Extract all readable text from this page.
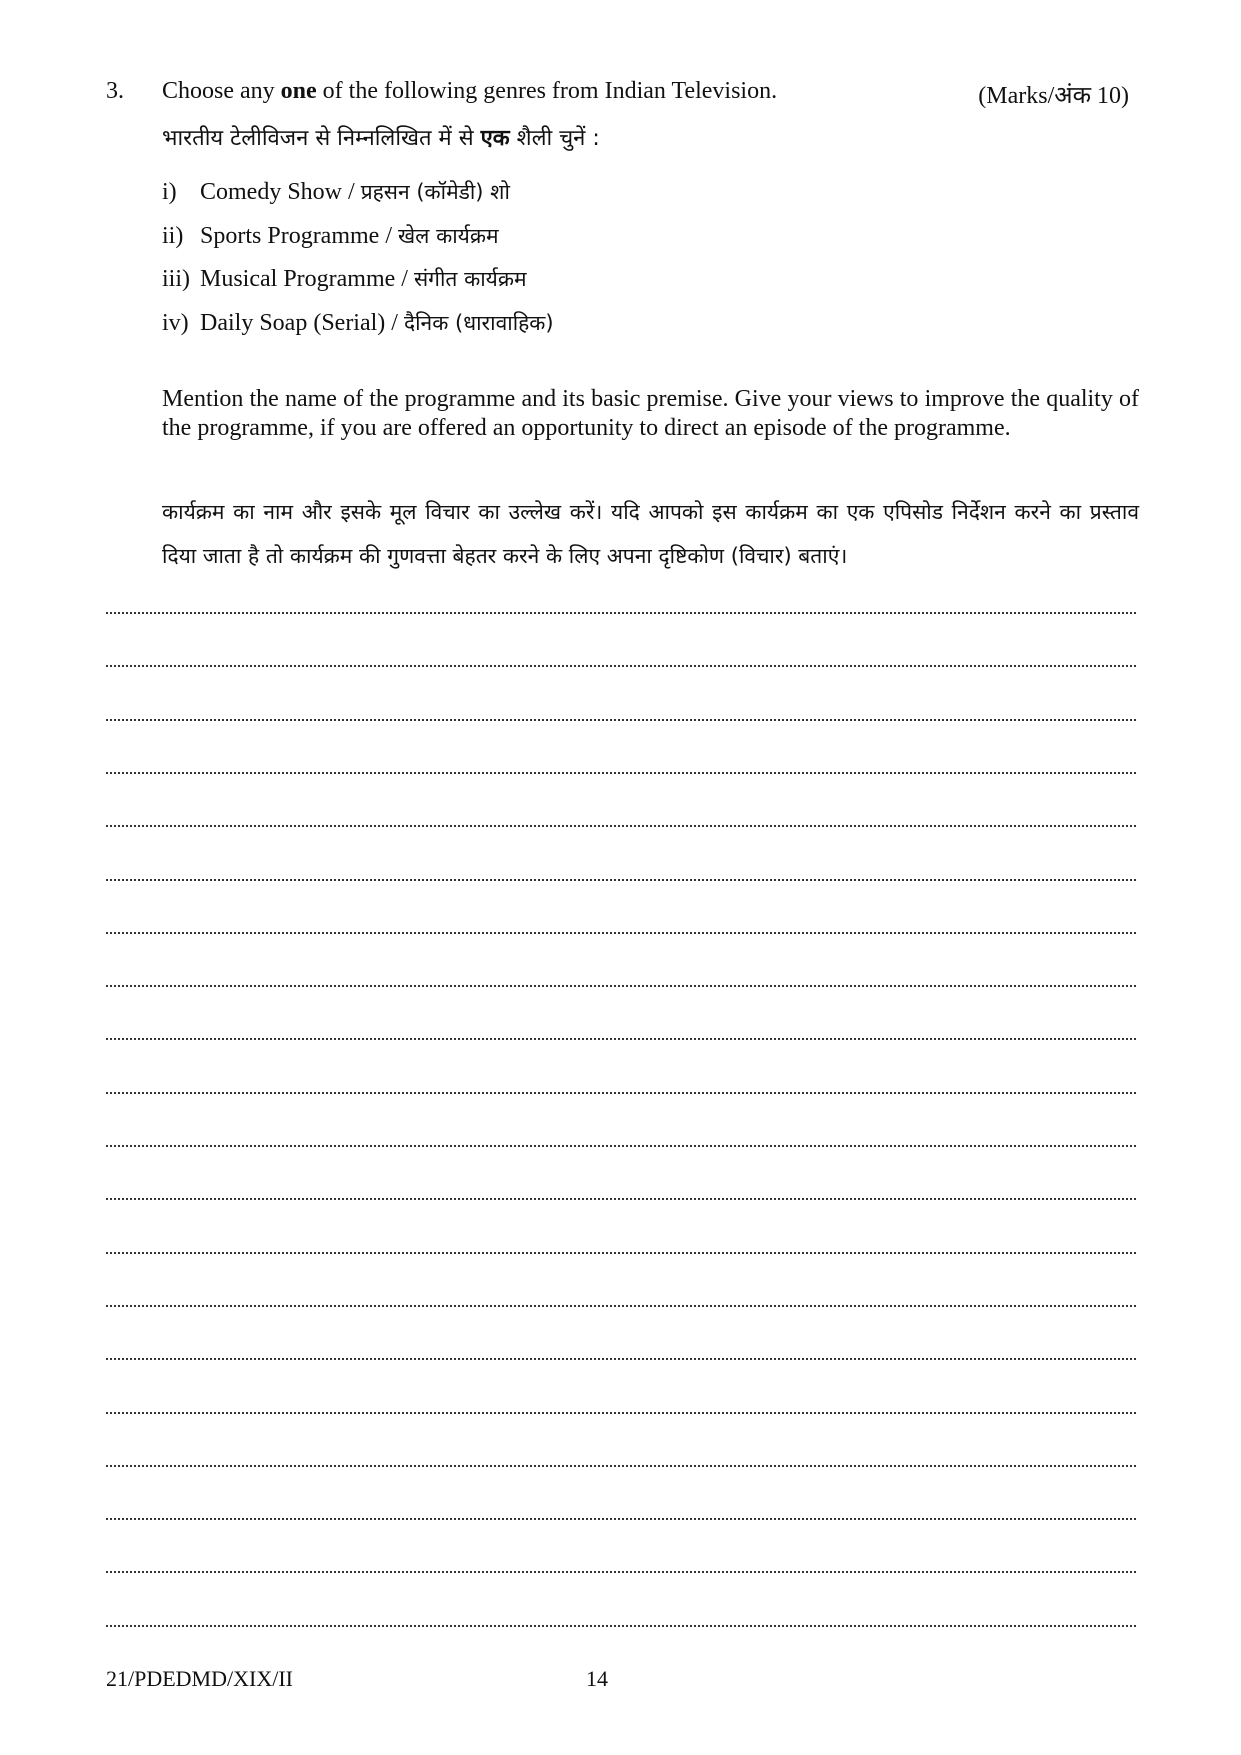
3. Choose any one of the following genres from Indian Television.	(Marks/अंक 10)
भारतीय टेलीविजन से निम्नलिखित में से एक शैली चुनें :
i) Comedy Show / प्रहसन (कॉमेडी) शो
ii) Sports Programme / खेल कार्यक्रम
iii) Musical Programme / संगीत कार्यक्रम
iv) Daily Soap (Serial) / दैनिक (धारावाहिक)

Mention the name of the programme and its basic premise. Give your views to improve the quality of the programme, if you are offered an opportunity to direct an episode of the programme.

कार्यक्रम का नाम और इसके मूल विचार का उल्लेख करें। यदि आपको इस कार्यक्रम का एक एपिसोड निर्देशन करने का प्रस्ताव दिया जाता है तो कार्यक्रम की गुणवत्ता बेहतर करने के लिए अपना दृष्टिकोण (विचार) बताएं।

21/PDEDMD/XIX/II	14
